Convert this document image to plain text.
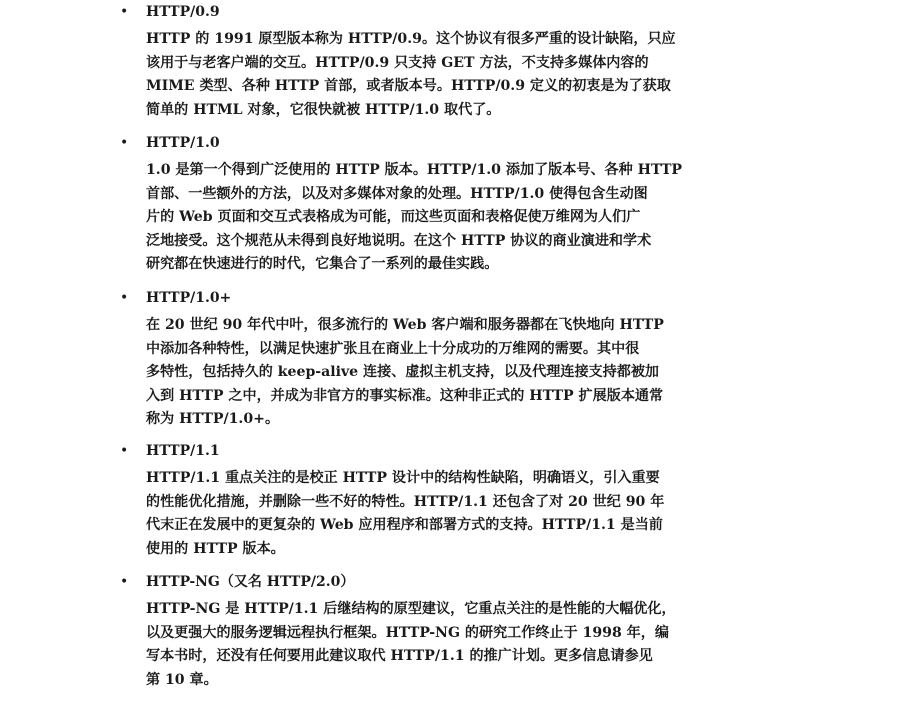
• HTTP/0.9
HTTP 的 1991 原型版本称为 HTTP/0.9。这个协议有很多严重的设计缺陷，只应
该用于与老客户端的交互。HTTP/0.9 只支持 GET 方法，不支持多媒体内容的
MIME 类型、各种 HTTP 首部，或者版本号。HTTP/0.9 定义的初衷是为了获取
简单的 HTML 对象，它很快就被 HTTP/1.0 取代了。
• HTTP/1.0
1.0 是第一个得到广泛使用的 HTTP 版本。HTTP/1.0 添加了版本号、各种 HTTP
首部、一些额外的方法，以及对多媒体对象的处理。HTTP/1.0 使得包含生动图
片的 Web 页面和交互式表格成为可能，而这些页面和表格促使万维网为人们广
泛地接受。这个规范从未得到良好地说明。在这个 HTTP 协议的商业演进和学术
研究都在快速进行的时代，它集合了一系列的最佳实践。
• HTTP/1.0+
在 20 世纪 90 年代中叶，很多流行的 Web 客户端和服务器都在飞快地向 HTTP
中添加各种特性，以满足快速扩张且在商业上十分成功的万维网的需要。其中很
多特性，包括持久的 keep-alive 连接、虚拟主机支持，以及代理连接支持都被加
入到 HTTP 之中，并成为非官方的事实标准。这种非正式的 HTTP 扩展版本通常
称为 HTTP/1.0+。
• HTTP/1.1
HTTP/1.1 重点关注的是校正 HTTP 设计中的结构性缺陷，明确语义，引入重要
的性能优化措施，并删除一些不好的特性。HTTP/1.1 还包含了对 20 世纪 90 年
代末正在发展中的更复杂的 Web 应用程序和部署方式的支持。HTTP/1.1 是当前
使用的 HTTP 版本。
• HTTP-NG（又名 HTTP/2.0）
HTTP-NG 是 HTTP/1.1 后继结构的原型建议，它重点关注的是性能的大幅优化，
以及更强大的服务逻辑远程执行框架。HTTP-NG 的研究工作终止于 1998 年，编
写本书时，还没有任何要用此建议取代 HTTP/1.1 的推广计划。更多信息请参见
第 10 章。
